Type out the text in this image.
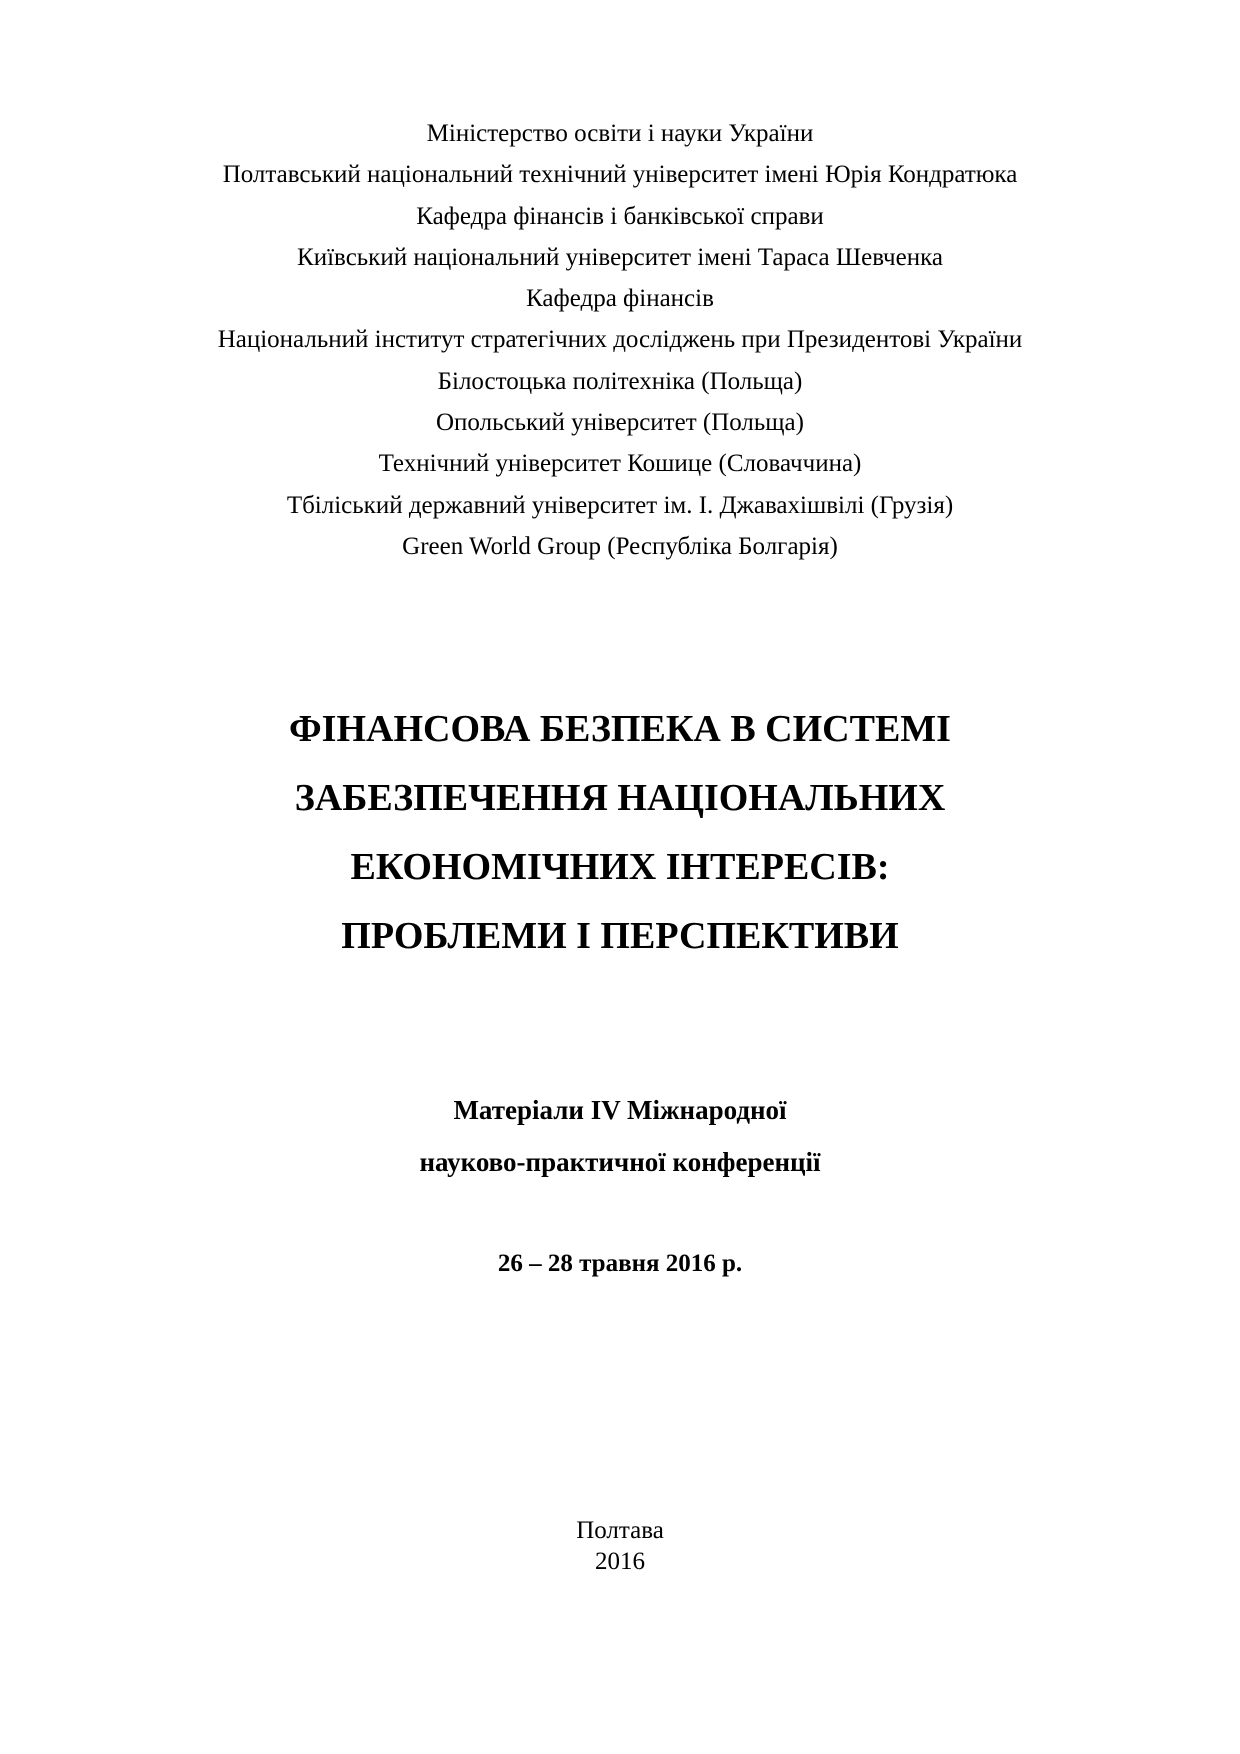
Міністерство освіти і науки України
Полтавський національний технічний університет імені Юрія Кондратюка
Кафедра фінансів і банківської справи
Київський національний університет імені Тараса Шевченка
Кафедра фінансів
Національний інститут стратегічних досліджень при Президентові України
Білостоцька політехніка (Польща)
Опольський університет (Польща)
Технічний університет Кошице (Словаччина)
Тбіліський державний університет ім. І. Джавахішвілі (Грузія)
Green World Group (Республіка Болгарія)
ФІНАНСОВА БЕЗПЕКА В СИСТЕМІ
ЗАБЕЗПЕЧЕННЯ НАЦІОНАЛЬНИХ
ЕКОНОМІЧНИХ ІНТЕРЕСІВ:
ПРОБЛЕМИ І ПЕРСПЕКТИВИ
Матеріали IV Міжнародної
науково-практичної конференції
26 – 28 травня 2016 р.
Полтава
2016
